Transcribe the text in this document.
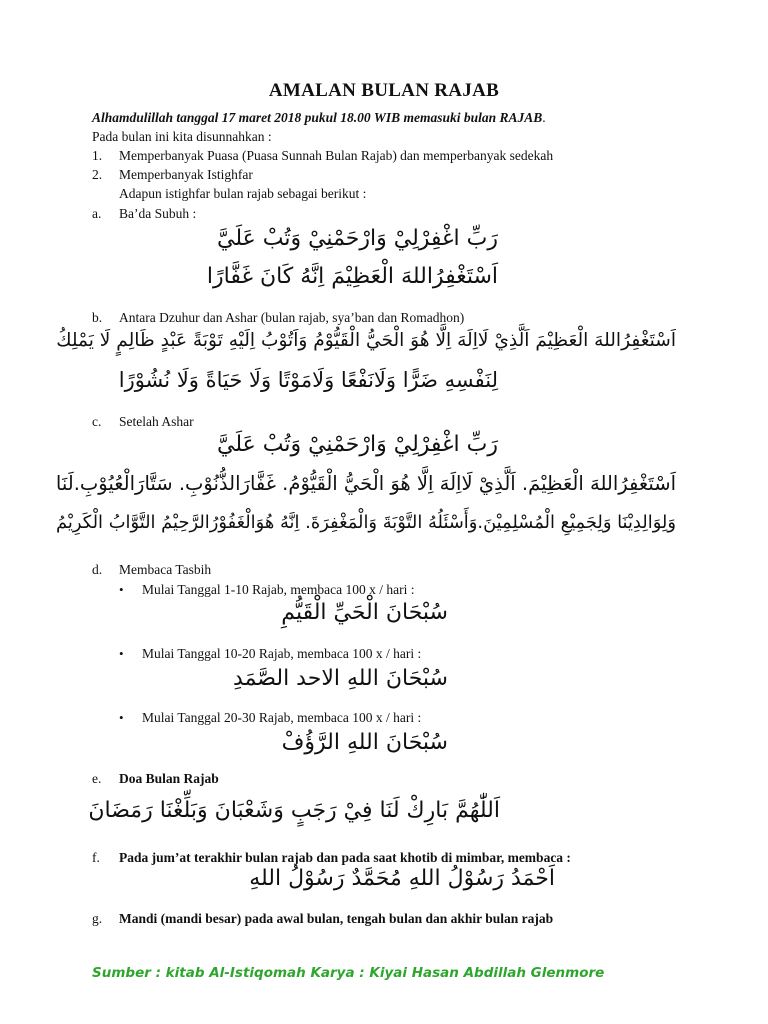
AMALAN BULAN RAJAB
Alhamdulillah tanggal 17 maret 2018 pukul 18.00 WIB memasuki bulan RAJAB.
Pada bulan ini kita disunnahkan :
1. Memperbanyak Puasa (Puasa Sunnah Bulan Rajab) dan memperbanyak sedekah
2. Memperbanyak Istighfar
Adapun istighfar bulan rajab sebagai berikut :
a. Ba’da Subuh :
رَبِّ اغْفِرْلِيْ وَارْحَمْنِيْ وَتُبْ عَلَيَّ
اَسْتَغْفِرُاللهَ الْعَظِيْمَ اِنَّهُ كَانَ غَفَّارًا
b. Antara Dzuhur dan Ashar (bulan rajab, sya’ban dan Romadhon)
اَسْتَغْفِرُاللهَ الْعَظِيْمَ اَلَّذِيْ لَااِلَهَ اِلَّا هُوَ الْحَيُّ الْقَيُّوْمُ وَاَتُوْبُ اِلَيْهِ تَوْبَةً عَبْدٍ ظَالِمٍ لَا يَمْلِكُ
لِنَفْسِهِ ضَرًّا وَلَانَفْعًا وَلَامَوْتًا وَلَا حَيَاةً وَلَا نُشُوْرًا
c. Setelah Ashar
رَبِّ اغْفِرْلِيْ وَارْحَمْنِيْ وَتُبْ عَلَيَّ
اَسْتَغْفِرُاللهَ الْعَظِيْمَ. اَلَّذِيْ لَااِلَهَ اِلَّا هُوَ الْحَيُّ الْقَيُّوْمُ. غَفَّارَالذُّنُوْبِ. سَتَّارَالْعُيُوْبِ.لَنَا
وَلِوَالِدِيْنَا وَلِجَمِيْعِ الْمُسْلِمِيْنَ.وَأَسْئَلُهُ التَّوْبَةَ وَالْمَغْفِرَةَ. اِنَّهُ هُوَالْغَفُوْرُالرَّحِيْمُ التَّوَّابُ الْكَرِيْمُ
d. Membaca Tasbih
• Mulai Tanggal 1-10 Rajab, membaca 100 x / hari :
سُبْحَانَ الْحَيِّ الْقَيُّمِ
• Mulai Tanggal 10-20 Rajab, membaca 100 x / hari :
سُبْحَانَ اللهِ الاحد الصَّمَدِ
• Mulai Tanggal 20-30 Rajab, membaca 100 x / hari :
سُبْحَانَ اللهِ الرَّؤُفْ
e. Doa Bulan Rajab
اَللّٰهُمَّ بَارِكْ لَنَا فِيْ رَجَبٍ وَشَعْبَانَ وَبَلِّغْنَا رَمَضَانَ
f. Pada jum’at terakhir bulan rajab dan pada saat khotib di mimbar, membaca :
اَحْمَدُ رَسُوْلُ اللهِ مُحَمَّدٌ رَسُوْلُ اللهِ
g. Mandi (mandi besar) pada awal bulan, tengah bulan dan akhir bulan rajab
Sumber : kitab Al-Istiqomah Karya : Kiyai Hasan Abdillah Glenmore
